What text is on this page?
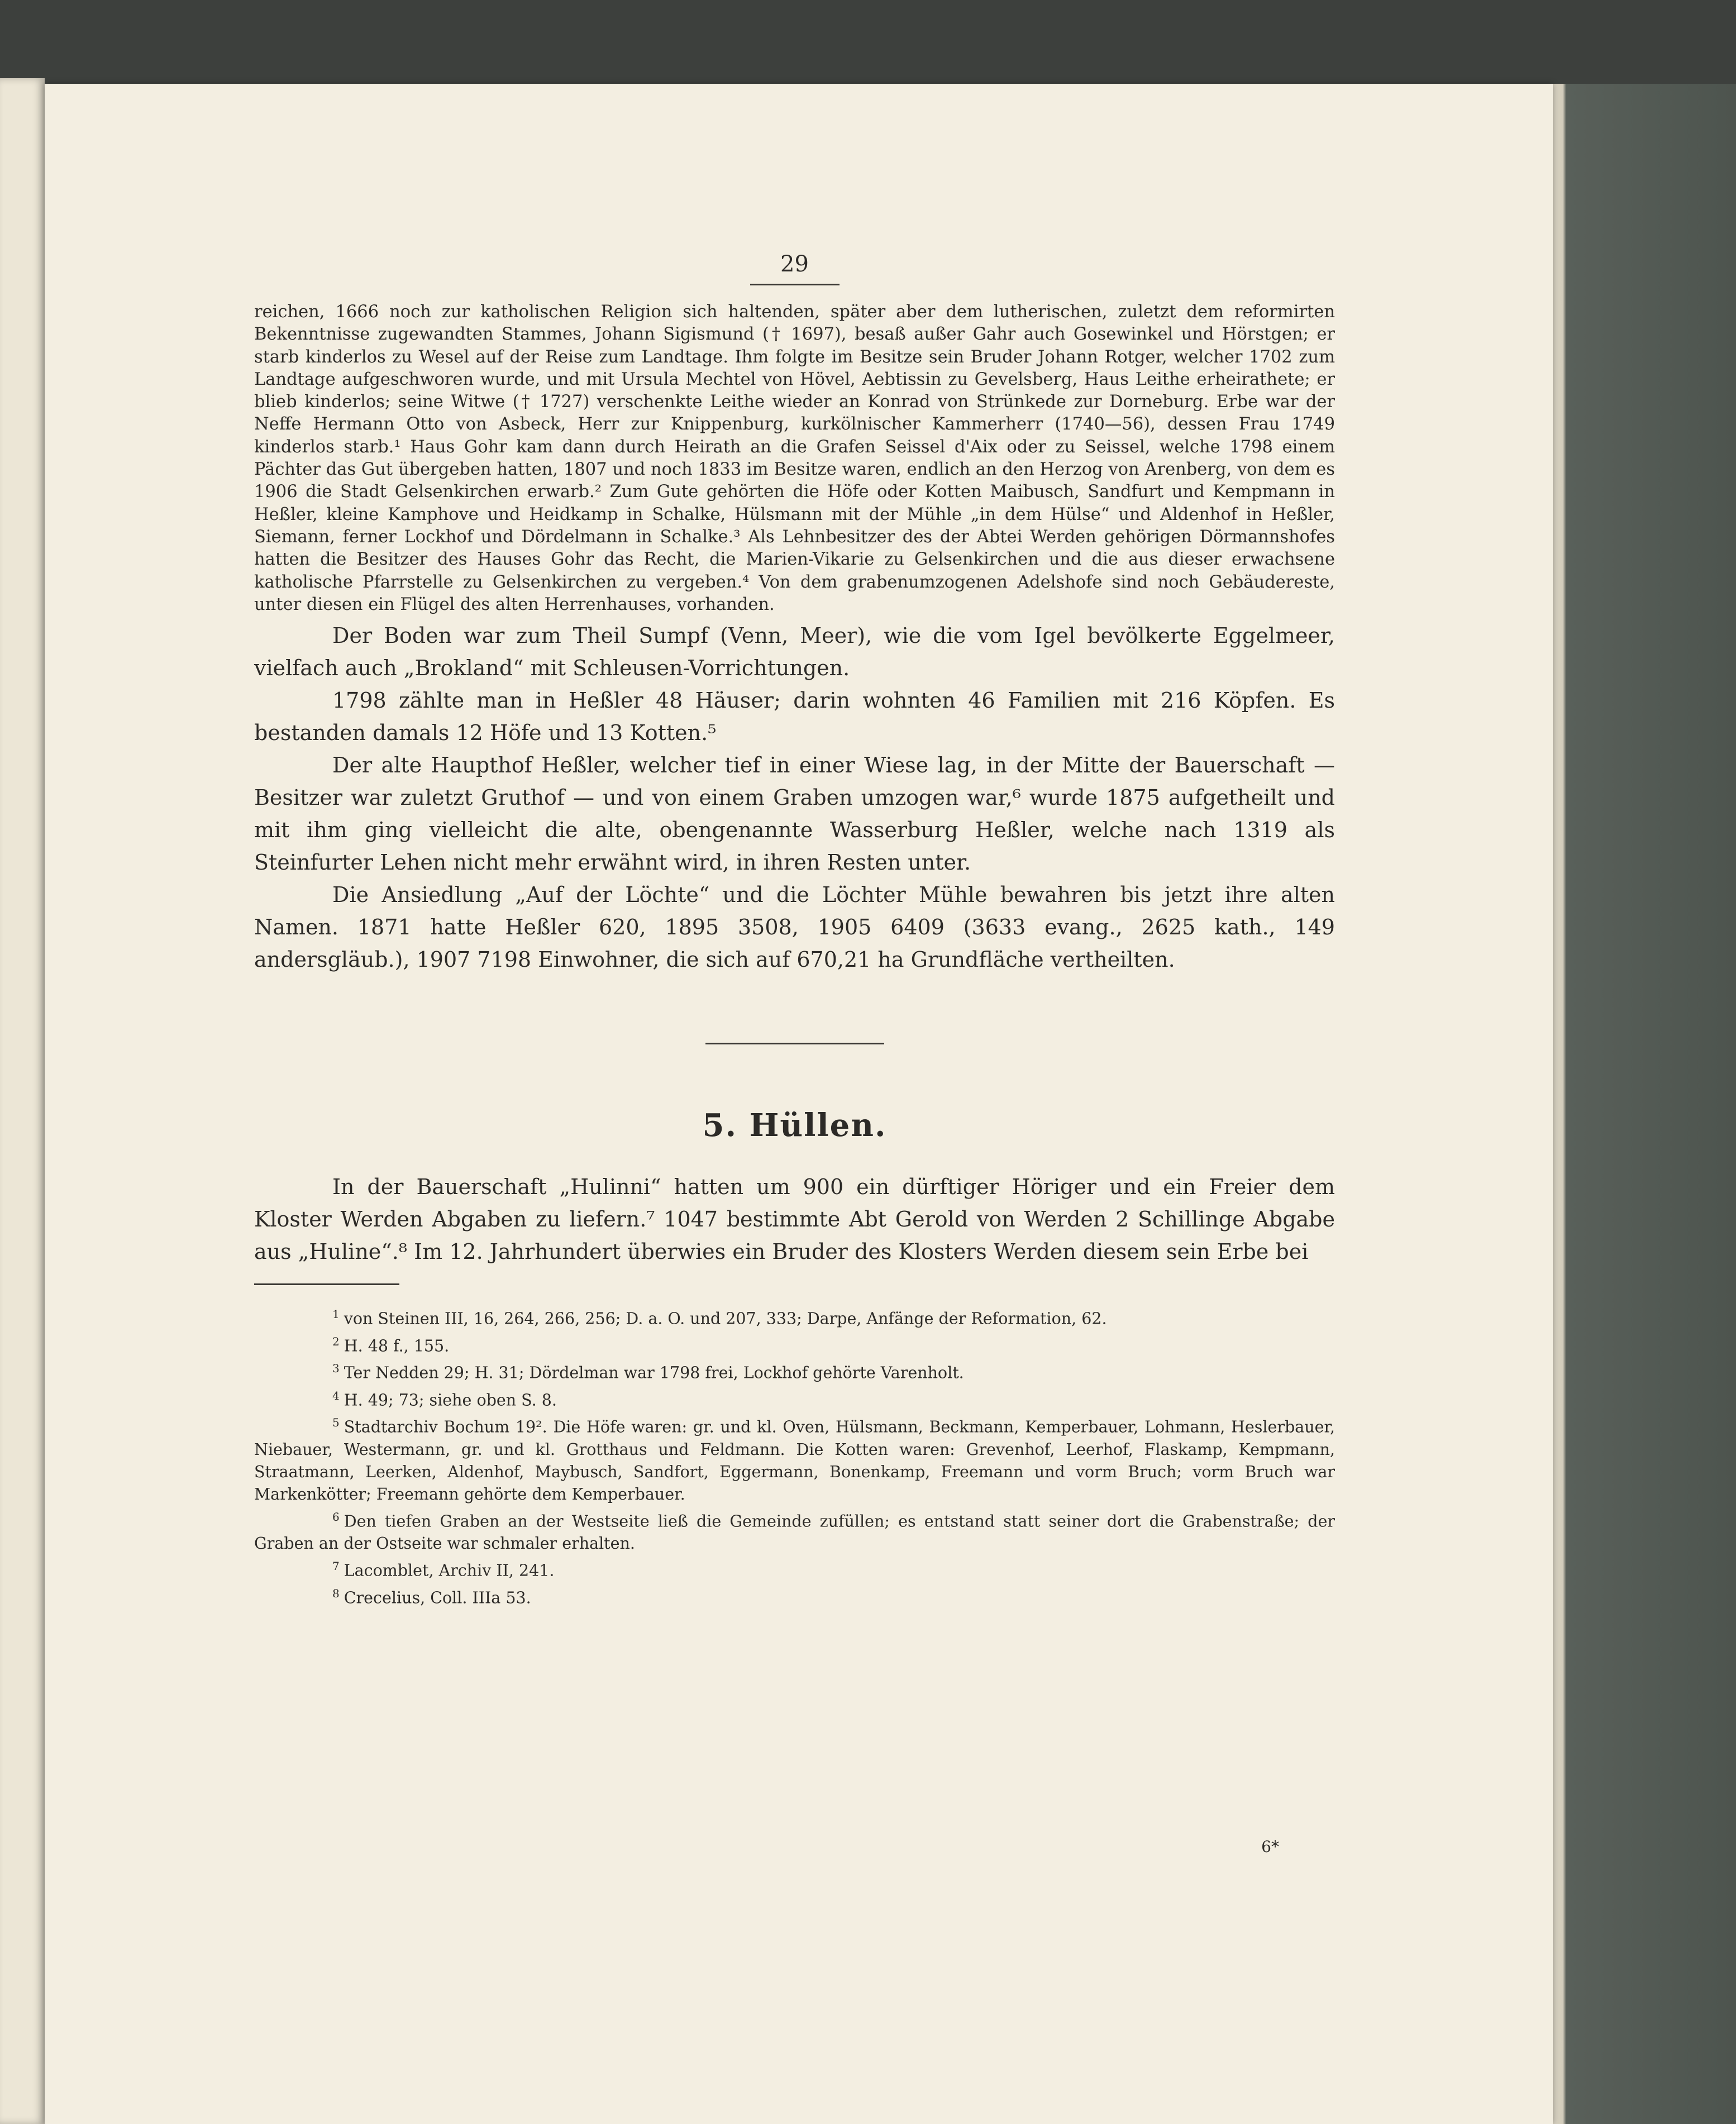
29

reichen, 1666 noch zur katholischen Religion sich haltenden, später aber dem lutherischen, zuletzt dem reformirten Bekenntnisse zugewandten Stammes, Johann Sigismund († 1697), besaß außer Gahr auch Gosewinkel und Hörstgen; er starb kinderlos zu Wesel auf der Reise zum Landtage. Ihm folgte im Besitze sein Bruder Johann Rotger, welcher 1702 zum Landtage aufgeschworen wurde, und mit Ursula Mechtel von Hövel, Aebtissin zu Gevelsberg, Haus Leithe erheirathete; er blieb kinderlos; seine Witwe († 1727) verschenkte Leithe wieder an Konrad von Strünkede zur Dorneburg. Erbe war der Neffe Hermann Otto von Asbeck, Herr zur Knippenburg, kurkölnischer Kammerherr (1740—56), dessen Frau 1749 kinderlos starb.¹ Haus Gohr kam dann durch Heirath an die Grafen Seissel d'Aix oder zu Seissel, welche 1798 einem Pächter das Gut übergeben hatten, 1807 und noch 1833 im Besitze waren, endlich an den Herzog von Arenberg, von dem es 1906 die Stadt Gelsenkirchen erwarb.² Zum Gute gehörten die Höfe oder Kotten Maibusch, Sandfurt und Kempmann in Heßler, kleine Kamphove und Heidkamp in Schalke, Hülsmann mit der Mühle „in dem Hülse“ und Aldenhof in Heßler, Siemann, ferner Lockhof und Dördelmann in Schalke.³ Als Lehnbesitzer des der Abtei Werden gehörigen Dörmannshofes hatten die Besitzer des Hauses Gohr das Recht, die Marien-Vikarie zu Gelsenkirchen und die aus dieser erwachsene katholische Pfarrstelle zu Gelsenkirchen zu vergeben.⁴ Von dem grabenumzogenen Adelshofe sind noch Gebäudereste, unter diesen ein Flügel des alten Herrenhauses, vorhanden.

Der Boden war zum Theil Sumpf (Venn, Meer), wie die vom Igel bevölkerte Eggelmeer, vielfach auch „Brokland“ mit Schleusen-Vorrichtungen.

1798 zählte man in Heßler 48 Häuser; darin wohnten 46 Familien mit 216 Köpfen. Es bestanden damals 12 Höfe und 13 Kotten.⁵

Der alte Haupthof Heßler, welcher tief in einer Wiese lag, in der Mitte der Bauerschaft — Besitzer war zuletzt Gruthof — und von einem Graben umzogen war,⁶ wurde 1875 aufgetheilt und mit ihm ging vielleicht die alte, obengenannte Wasserburg Heßler, welche nach 1319 als Steinfurter Lehen nicht mehr erwähnt wird, in ihren Resten unter.

Die Ansiedlung „Auf der Löchte“ und die Löchter Mühle bewahren bis jetzt ihre alten Namen. 1871 hatte Heßler 620, 1895 3508, 1905 6409 (3633 evang., 2625 kath., 149 andersgläub.), 1907 7198 Einwohner, die sich auf 670,21 ha Grundfläche vertheilten.

5. Hüllen.

In der Bauerschaft „Hulinni“ hatten um 900 ein dürftiger Höriger und ein Freier dem Kloster Werden Abgaben zu liefern.⁷ 1047 bestimmte Abt Gerold von Werden 2 Schillinge Abgabe aus „Huline“.⁸ Im 12. Jahrhundert überwies ein Bruder des Klosters Werden diesem sein Erbe bei

$^1$ von Steinen III, 16, 264, 266, 256; D. a. O. und 207, 333; Darpe, Anfänge der Reformation, 62.
$^2$ H. 48 f., 155.
$^3$ Ter Nedden 29; H. 31; Dördelman war 1798 frei, Lockhof gehörte Varenholt.
$^4$ H. 49; 73; siehe oben S. 8.
$^5$ Stadtarchiv Bochum 19². Die Höfe waren: gr. und kl. Oven, Hülsmann, Beckmann, Kemperbauer, Lohmann, Heslerbauer, Niebauer, Westermann, gr. und kl. Grotthaus und Feldmann. Die Kotten waren: Grevenhof, Leerhof, Flaskamp, Kempmann, Straatmann, Leerken, Aldenhof, Maybusch, Sandfort, Eggermann, Bonenkamp, Freemann und vorm Bruch; vorm Bruch war Markenkötter; Freemann gehörte dem Kemperbauer.
$^6$ Den tiefen Graben an der Westseite ließ die Gemeinde zufüllen; es entstand statt seiner dort die Grabenstraße; der Graben an der Ostseite war schmaler erhalten.
$^7$ Lacomblet, Archiv II, 241.
$^8$ Crecelius, Coll. IIIa 53.
6*
